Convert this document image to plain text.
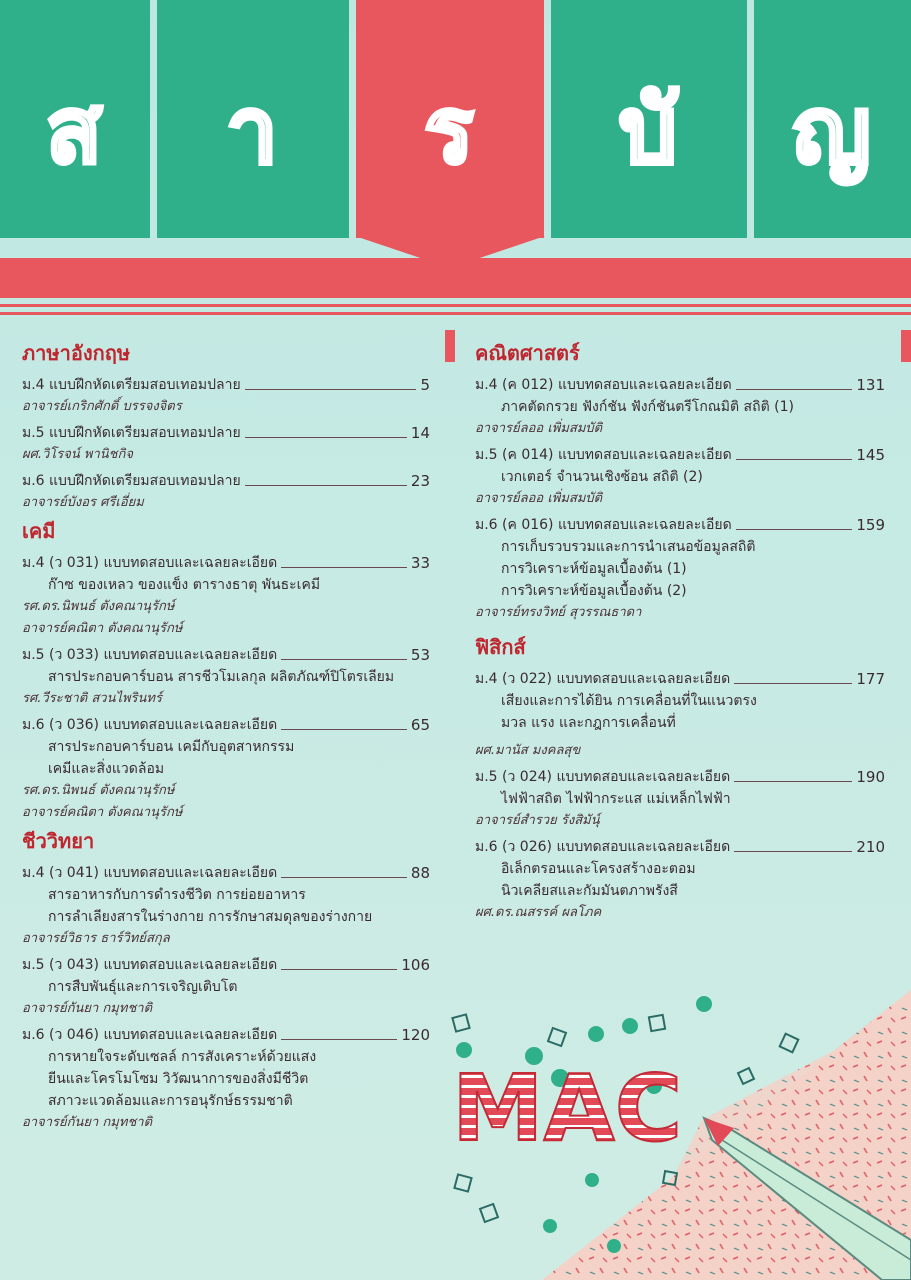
ส า ร บั ญ
ภาษาอังกฤษ
ม.4 แบบฝึกหัดเตรียมสอบเทอมปลาย	5
อาจารย์เกริกศักดิ์ บรรจงจิตร
ม.5 แบบฝึกหัดเตรียมสอบเทอมปลาย	14
ผศ.วิโรจน์ พานิชกิจ
ม.6 แบบฝึกหัดเตรียมสอบเทอมปลาย	23
อาจารย์บังอร ศรีเอี่ยม
เคมี
ม.4 (ว 031) แบบทดสอบและเฉลยละเอียด	33
ก๊าซ ของเหลว ของแข็ง ตารางธาตุ พันธะเคมี
รศ.ดร.นิพนธ์ ตังคณานุรักษ์
อาจารย์คณิตา ตังคณานุรักษ์
ม.5 (ว 033) แบบทดสอบและเฉลยละเอียด	53
สารประกอบคาร์บอน สารชีวโมเลกุล ผลิตภัณฑ์ปิโตรเลียม
รศ.วีระชาติ สวนไพรินทร์
ม.6 (ว 036) แบบทดสอบและเฉลยละเอียด	65
สารประกอบคาร์บอน เคมีกับอุตสาหกรรม
เคมีและสิ่งแวดล้อม
รศ.ดร.นิพนธ์ ตังคณานุรักษ์
อาจารย์คณิตา ตังคณานุรักษ์
ชีววิทยา
ม.4 (ว 041) แบบทดสอบและเฉลยละเอียด	88
สารอาหารกับการดำรงชีวิต การย่อยอาหาร
การลำเลียงสารในร่างกาย การรักษาสมดุลของร่างกาย
อาจารย์วิธาร ธาร์วิทย์สกุล
ม.5 (ว 043) แบบทดสอบและเฉลยละเอียด	106
การสืบพันธุ์และการเจริญเติบโต
อาจารย์กันยา กมุทชาติ
ม.6 (ว 046) แบบทดสอบและเฉลยละเอียด	120
การหายใจระดับเซลล์ การสังเคราะห์ด้วยแสง
ยีนและโครโมโซม วิวัฒนาการของสิ่งมีชีวิต
สภาวะแวดล้อมและการอนุรักษ์ธรรมชาติ
อาจารย์กันยา กมุทชาติ
คณิตศาสตร์
ม.4 (ค 012) แบบทดสอบและเฉลยละเอียด	131
ภาคตัดกรวย ฟังก์ชัน ฟังก์ชันตรีโกณมิติ สถิติ (1)
อาจารย์ลออ เพิ่มสมบัติ
ม.5 (ค 014) แบบทดสอบและเฉลยละเอียด	145
เวกเตอร์ จำนวนเชิงซ้อน สถิติ (2)
อาจารย์ลออ เพิ่มสมบัติ
ม.6 (ค 016) แบบทดสอบและเฉลยละเอียด	159
การเก็บรวบรวมและการนำเสนอข้อมูลสถิติ
การวิเคราะห์ข้อมูลเบื้องต้น (1)
การวิเคราะห์ข้อมูลเบื้องต้น (2)
อาจารย์ทรงวิทย์ สุวรรณธาดา
ฟิสิกส์
ม.4 (ว 022) แบบทดสอบและเฉลยละเอียด	177
เสียงและการได้ยิน การเคลื่อนที่ในแนวตรง
มวล แรง และกฎการเคลื่อนที่
ผศ.มานัส มงคลสุข
ม.5 (ว 024) แบบทดสอบและเฉลยละเอียด	190
ไฟฟ้าสถิต ไฟฟ้ากระแส แม่เหล็กไฟฟ้า
อาจารย์สำรวย รังสิมันุ์
ม.6 (ว 026) แบบทดสอบและเฉลยละเอียด	210
อิเล็กตรอนและโครงสร้างอะตอม
นิวเคลียสและกัมมันตภาพรังสี
ผศ.ดร.ณสรรค์ ผลโภค
MAC
